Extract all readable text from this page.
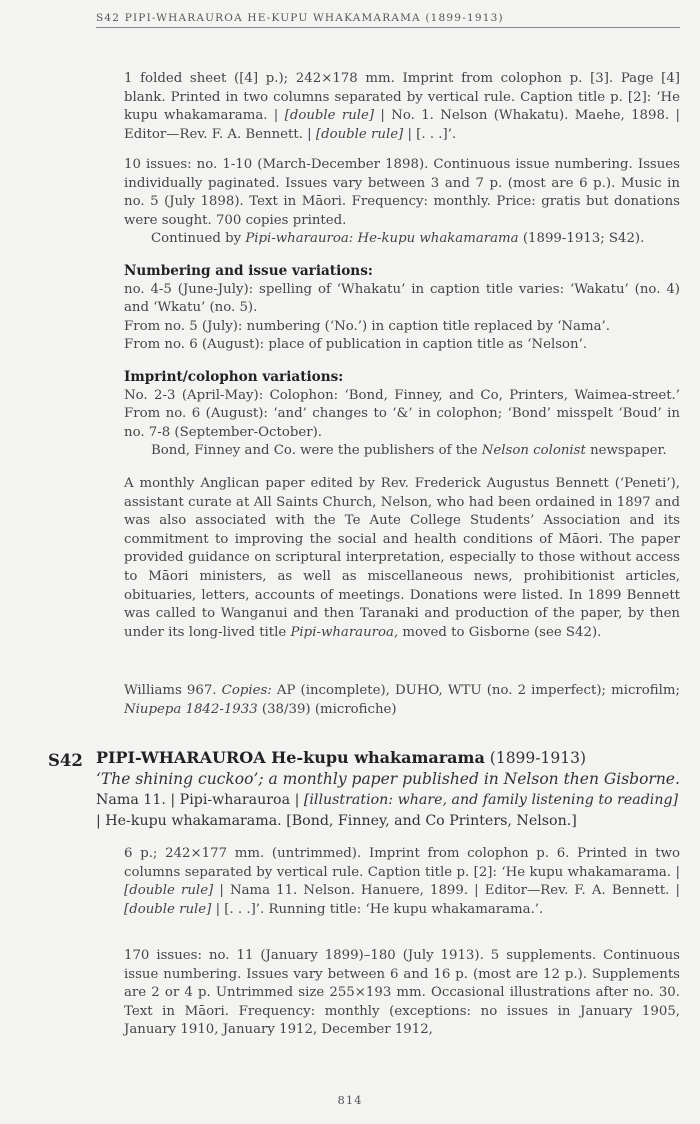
S42 PIPI-WHARAUROA HE-KUPU WHAKAMARAMA (1899-1913)

1 folded sheet ([4] p.); 242×178 mm. Imprint from colophon p. [3]. Page [4] blank. Printed in two columns separated by vertical rule. Caption title p. [2]: ‘He kupu whakamarama. | [double rule] | No. 1. Nelson (Whakatu). Maehe, 1898. | Editor—Rev. F. A. Bennett. | [double rule] | [. . .]’.

10 issues: no. 1-10 (March-December 1898). Continuous issue numbering. Issues individually paginated. Issues vary between 3 and 7 p. (most are 6 p.). Music in no. 5 (July 1898). Text in Māori. Frequency: monthly. Price: gratis but donations were sought. 700 copies printed.

Continued by Pipi-wharauroa: He-kupu whakamarama (1899-1913; S42).

Numbering and issue variations:

no. 4-5 (June-July): spelling of ‘Whakatu’ in caption title varies: ‘Wakatu’ (no. 4) and ‘Wkatu’ (no. 5).

From no. 5 (July): numbering (‘No.’) in caption title replaced by ‘Nama’.

From no. 6 (August): place of publication in caption title as ‘Nelson’.

Imprint/colophon variations:

No. 2-3 (April-May): Colophon: ‘Bond, Finney, and Co, Printers, Waimea-street.’ From no. 6 (August): ‘and’ changes to ‘&’ in colophon; ‘Bond’ misspelt ‘Boud’ in no. 7-8 (September-October).

Bond, Finney and Co. were the publishers of the Nelson colonist newspaper.

A monthly Anglican paper edited by Rev. Frederick Augustus Bennett (‘Peneti’), assistant curate at All Saints Church, Nelson, who had been ordained in 1897 and was also associated with the Te Aute College Students’ Association and its commitment to improving the social and health conditions of Māori. The paper provided guidance on scriptural interpretation, especially to those without access to Māori ministers, as well as miscellaneous news, prohibitionist articles, obituaries, letters, accounts of meetings. Donations were listed. In 1899 Bennett was called to Wanganui and then Taranaki and production of the paper, by then under its long-lived title Pipi-wharauroa, moved to Gisborne (see S42).

Williams 967. Copies: AP (incomplete), DUHO, WTU (no. 2 imperfect); microfilm; Niupepa 1842-1933 (38/39) (microfiche)

S42 PIPI-WHARAUROA He-kupu whakamarama (1899-1913)
‘The shining cuckoo’; a monthly paper published in Nelson then Gisborne.
Nama 11. | Pipi-wharauroa | [illustration: whare, and family listening to reading] | He-kupu whakamarama. [Bond, Finney, and Co Printers, Nelson.]

6 p.; 242×177 mm. (untrimmed). Imprint from colophon p. 6. Printed in two columns separated by vertical rule. Caption title p. [2]: ‘He kupu whakamarama. | [double rule] | Nama 11. Nelson. Hanuere, 1899. | Editor—Rev. F. A. Bennett. | [double rule] | [. . .]’. Running title: ‘He kupu whakamarama.’.

170 issues: no. 11 (January 1899)–180 (July 1913). 5 supplements. Continuous issue numbering. Issues vary between 6 and 16 p. (most are 12 p.). Supplements are 2 or 4 p. Untrimmed size 255×193 mm. Occasional illustrations after no. 30. Text in Māori. Frequency: monthly (exceptions: no issues in January 1905, January 1910, January 1912, December 1912,

814
